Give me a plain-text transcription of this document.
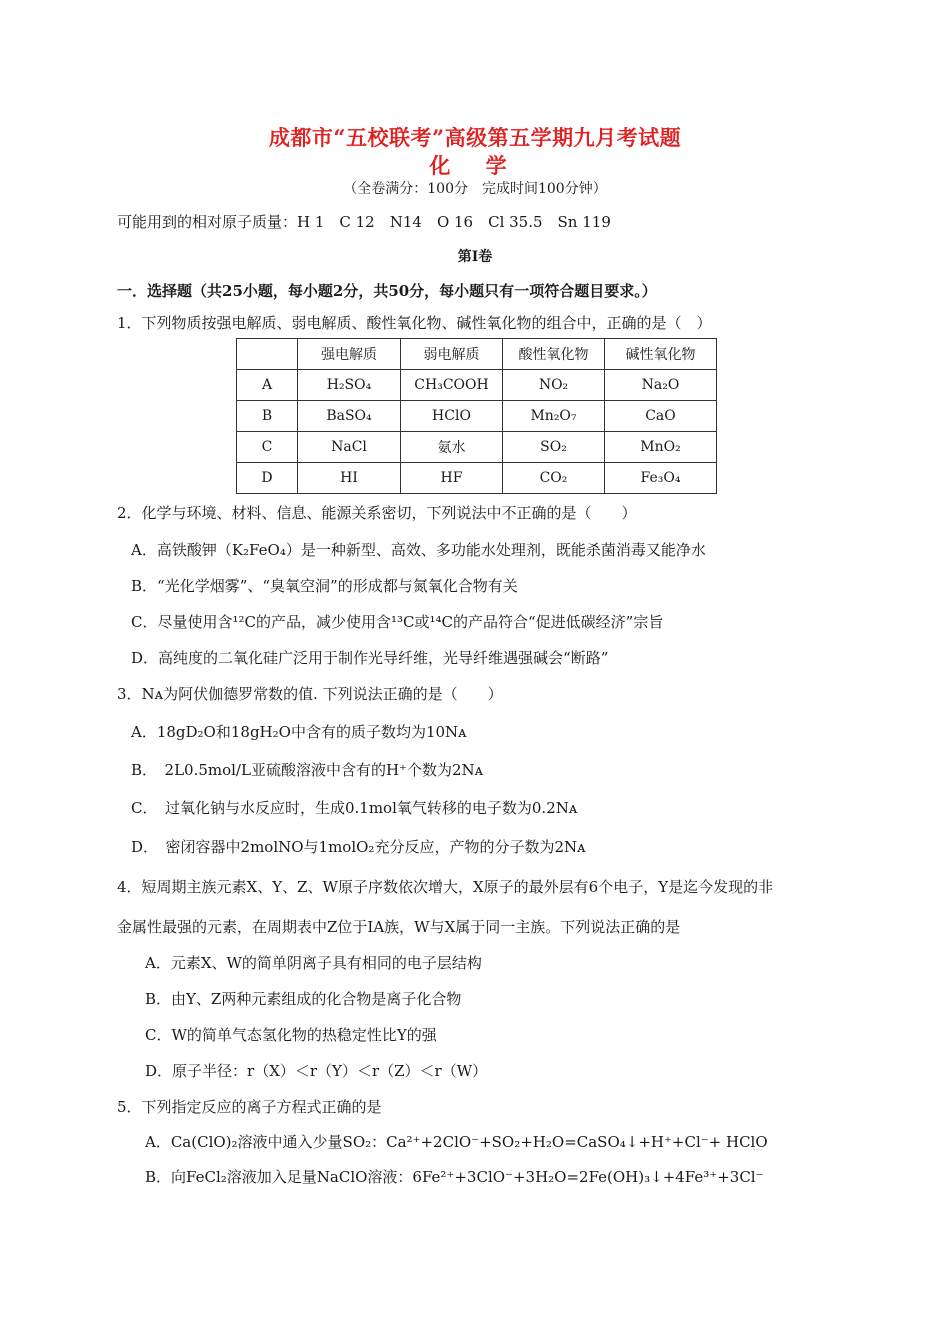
成都市“五校联考”高级第五学期九月考试题
化 学
（全卷满分：100分　完成时间100分钟）
可能用到的相对原子质量：H 1　C 12　N14　O 16　Cl 35.5　Sn 119
第Ⅰ卷
一．选择题（共25小题，每小题2分，共50分，每小题只有一项符合题目要求。）
1．下列物质按强电解质、弱电解质、酸性氧化物、碱性氧化物的组合中，正确的是（　）
	强电解质	弱电解质	酸性氧化物	碱性氧化物
A	H₂SO₄	CH₃COOH	NO₂	Na₂O
B	BaSO₄	HClO	Mn₂O₇	CaO
C	NaCl	氨水	SO₂	MnO₂
D	HI	HF	CO₂	Fe₃O₄
2．化学与环境、材料、信息、能源关系密切，下列说法中不正确的是（　　）
A．高铁酸钾（K₂FeO₄）是一种新型、高效、多功能水处理剂，既能杀菌消毒又能净水
B．“光化学烟雾”、“臭氧空洞”的形成都与氮氧化合物有关
C．尽量使用含¹²C的产品，减少使用含¹³C或¹⁴C的产品符合“促进低碳经济”宗旨
D．高纯度的二氧化硅广泛用于制作光导纤维，光导纤维遇强碱会“断路”
3．Nᴀ为阿伏伽德罗常数的值. 下列说法正确的是（　　）
A．18gD₂O和18gH₂O中含有的质子数均为10Nᴀ
B．　2L0.5mol/L亚硫酸溶液中含有的H⁺个数为2Nᴀ
C．　过氧化钠与水反应时，生成0.1mol氧气转移的电子数为0.2Nᴀ
D．　密闭容器中2molNO与1molO₂充分反应，产物的分子数为2Nᴀ
4．短周期主族元素X、Y、Z、W原子序数依次增大，X原子的最外层有6个电子，Y是迄今发现的非
金属性最强的元素，在周期表中Z位于ⅠA族，W与X属于同一主族。下列说法正确的是
A．元素X、W的简单阴离子具有相同的电子层结构
B．由Y、Z两种元素组成的化合物是离子化合物
C．W的简单气态氢化物的热稳定性比Y的强
D．原子半径：r（X）＜r（Y）＜r（Z）＜r（W）
5．下列指定反应的离子方程式正确的是
A．Ca(ClO)₂溶液中通入少量SO₂：Ca²⁺+2ClO⁻+SO₂+H₂O=CaSO₄↓+H⁺+Cl⁻+ HClO
B．向FeCl₂溶液加入足量NaClO溶液：6Fe²⁺+3ClO⁻+3H₂O=2Fe(OH)₃↓+4Fe³⁺+3Cl⁻
